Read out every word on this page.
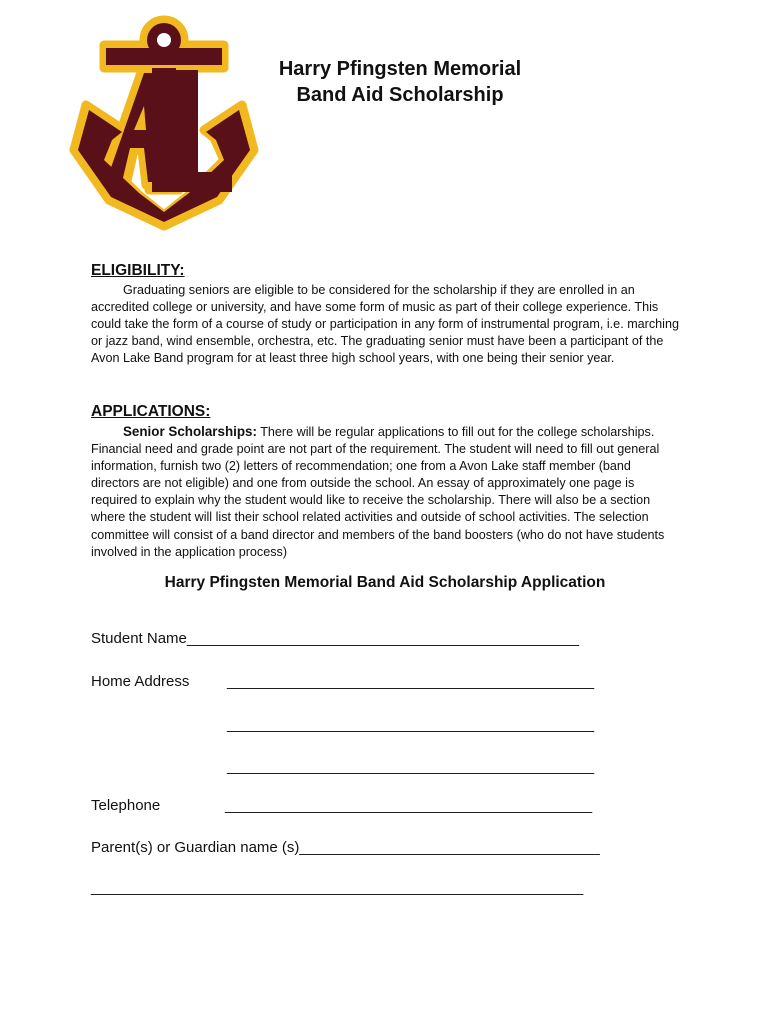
Harry Pfingsten Memorial
Band Aid Scholarship
ELIGIBILITY:
Graduating seniors are eligible to be considered for the scholarship if they are enrolled in an accredited college or university, and have some form of music as part of their college experience. This could take the form of a course of study or participation in any form of instrumental program, i.e. marching or jazz band, wind ensemble, orchestra, etc. The graduating senior must have been a participant of the Avon Lake Band program for at least three high school years, with one being their senior year.
APPLICATIONS:
Senior Scholarships: There will be regular applications to fill out for the college scholarships. Financial need and grade point are not part of the requirement. The student will need to fill out general information, furnish two (2) letters of recommendation; one from a Avon Lake staff member (band directors are not eligible) and one from outside the school. An essay of approximately one page is required to explain why the student would like to receive the scholarship. There will also be a section where the student will list their school related activities and outside of school activities. The selection committee will consist of a band director and members of the band boosters (who do not have students involved in the application process)
Harry Pfingsten Memorial Band Aid Scholarship Application
Student Name_______________________________________________
Home Address	____________________________________________
____________________________________________
____________________________________________
Telephone	____________________________________________
Parent(s) or Guardian name (s)____________________________________
___________________________________________________________
